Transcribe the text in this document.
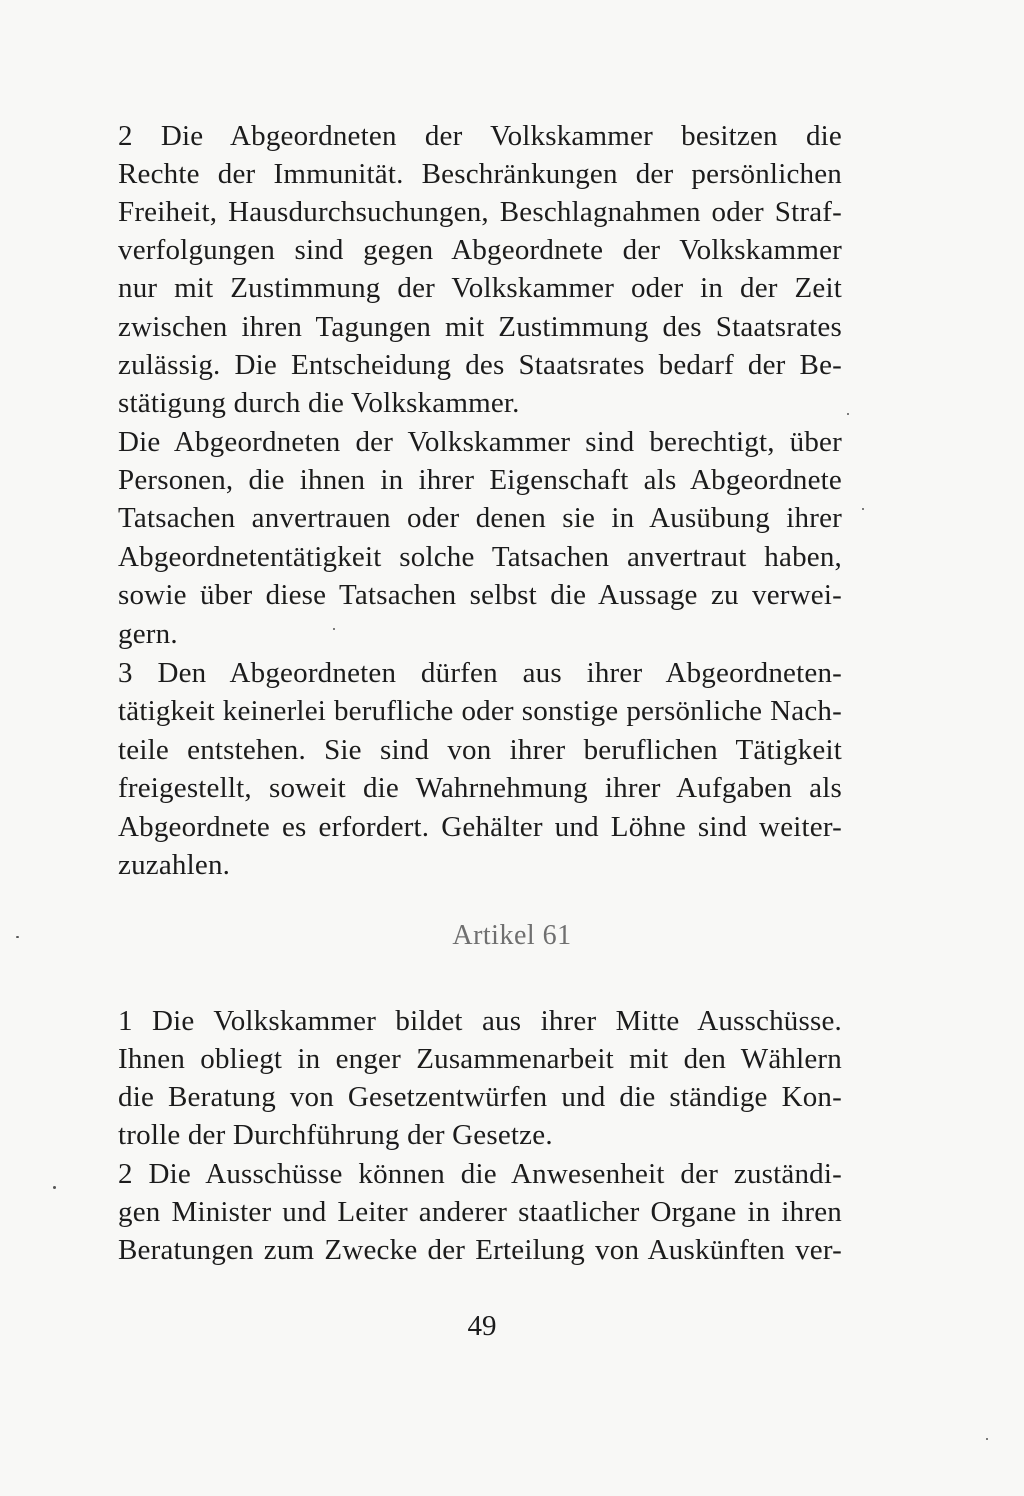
2 Die Abgeordneten der Volkskammer besitzen die
Rechte der Immunität. Beschränkungen der persönlichen
Freiheit, Hausdurchsuchungen, Beschlagnahmen oder Straf-
verfolgungen sind gegen Abgeordnete der Volkskammer
nur mit Zustimmung der Volkskammer oder in der Zeit
zwischen ihren Tagungen mit Zustimmung des Staatsrates
zulässig. Die Entscheidung des Staatsrates bedarf der Be-
stätigung durch die Volkskammer.
Die Abgeordneten der Volkskammer sind berechtigt, über
Personen, die ihnen in ihrer Eigenschaft als Abgeordnete
Tatsachen anvertrauen oder denen sie in Ausübung ihrer
Abgeordnetentätigkeit solche Tatsachen anvertraut haben,
sowie über diese Tatsachen selbst die Aussage zu verwei-
gern.
3 Den Abgeordneten dürfen aus ihrer Abgeordneten-
tätigkeit keinerlei berufliche oder sonstige persönliche Nach-
teile entstehen. Sie sind von ihrer beruflichen Tätigkeit
freigestellt, soweit die Wahrnehmung ihrer Aufgaben als
Abgeordnete es erfordert. Gehälter und Löhne sind weiter-
zuzahlen.
Artikel 61
1 Die Volkskammer bildet aus ihrer Mitte Ausschüsse.
Ihnen obliegt in enger Zusammenarbeit mit den Wählern
die Beratung von Gesetzentwürfen und die ständige Kon-
trolle der Durchführung der Gesetze.
2 Die Ausschüsse können die Anwesenheit der zuständi-
gen Minister und Leiter anderer staatlicher Organe in ihren
Beratungen zum Zwecke der Erteilung von Auskünften ver-
49
